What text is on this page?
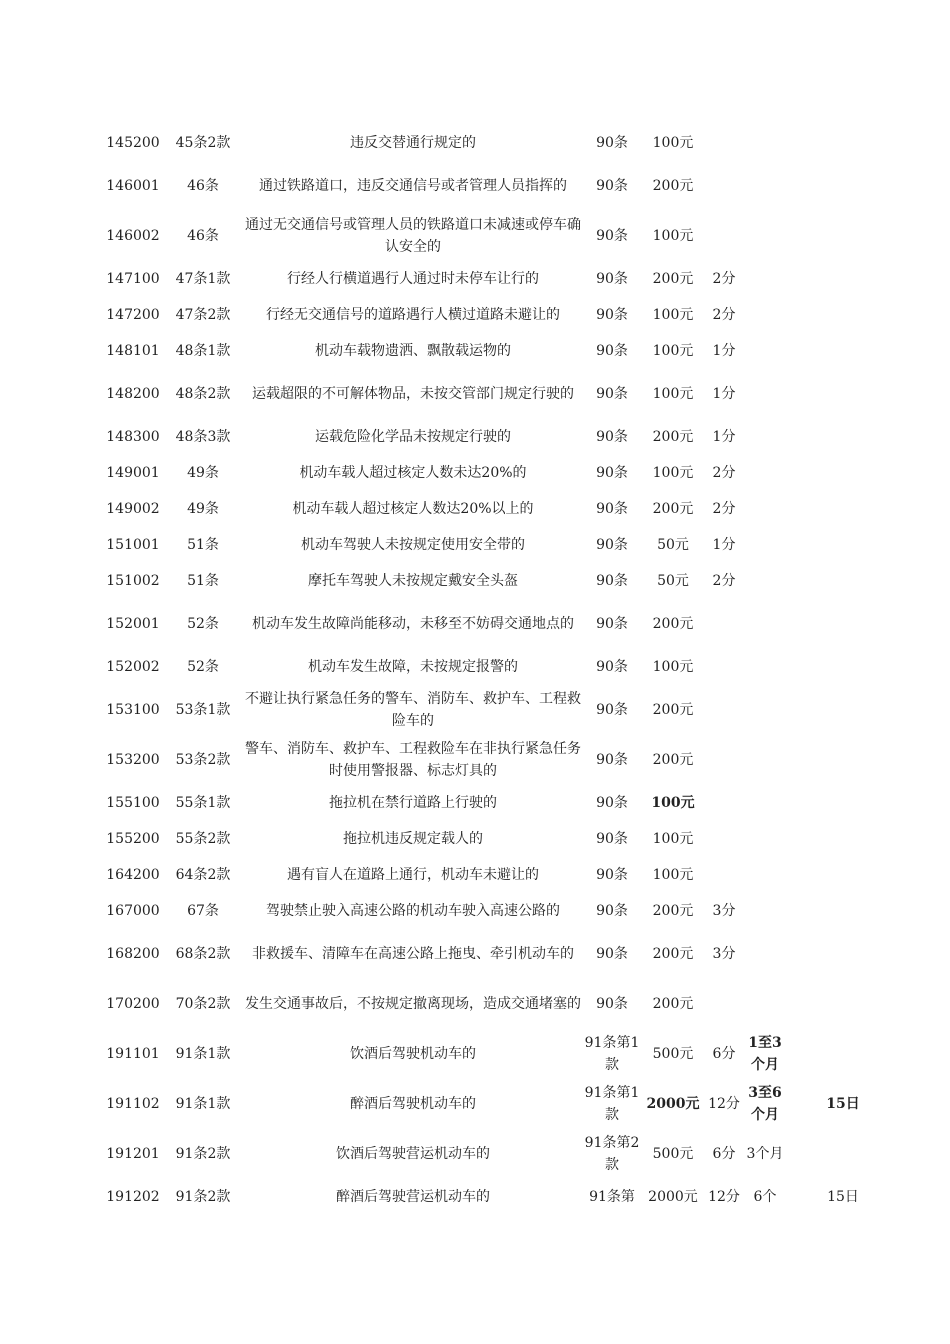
145200	45条2款	违反交替通行规定的	90条	100元				
146001	46条	通过铁路道口，违反交通信号或者管理人员指挥的	90条	200元				
146002	46条	通过无交通信号或管理人员的铁路道口未减速或停车确认安全的	90条	100元				
147100	47条1款	行经人行横道遇行人通过时未停车让行的	90条	200元	2分			
147200	47条2款	行经无交通信号的道路遇行人横过道路未避让的	90条	100元	2分			
148101	48条1款	机动车载物遗洒、飘散载运物的	90条	100元	1分			
148200	48条2款	运载超限的不可解体物品，未按交管部门规定行驶的	90条	100元	1分			
148300	48条3款	运载危险化学品未按规定行驶的	90条	200元	1分			
149001	49条	机动车载人超过核定人数未达20%的	90条	100元	2分			
149002	49条	机动车载人超过核定人数达20%以上的	90条	200元	2分			
151001	51条	机动车驾驶人未按规定使用安全带的	90条	50元	1分			
151002	51条	摩托车驾驶人未按规定戴安全头盔	90条	50元	2分			
152001	52条	机动车发生故障尚能移动，未移至不妨碍交通地点的	90条	200元				
152002	52条	机动车发生故障，未按规定报警的	90条	100元				
153100	53条1款	不避让执行紧急任务的警车、消防车、救护车、工程救险车的	90条	200元				
153200	53条2款	警车、消防车、救护车、工程救险车在非执行紧急任务时使用警报器、标志灯具的	90条	200元				
155100	55条1款	拖拉机在禁行道路上行驶的	90条	100元				
155200	55条2款	拖拉机违反规定载人的	90条	100元				
164200	64条2款	遇有盲人在道路上通行，机动车未避让的	90条	100元				
167000	67条	驾驶禁止驶入高速公路的机动车驶入高速公路的	90条	200元	3分			
168200	68条2款	非救援车、清障车在高速公路上拖曳、牵引机动车的	90条	200元	3分			
170200	70条2款	发生交通事故后，不按规定撤离现场，造成交通堵塞的	90条	200元				
191101	91条1款	饮酒后驾驶机动车的	91条第1款	500元	6分	1至3个月		
191102	91条1款	醉酒后驾驶机动车的	91条第1款	2000元	12分	3至6个月		15日
191201	91条2款	饮酒后驾驶营运机动车的	91条第2款	500元	6分	3个月		
191202	91条2款	醉酒后驾驶营运机动车的	91条第	2000元	12分	6个		15日
